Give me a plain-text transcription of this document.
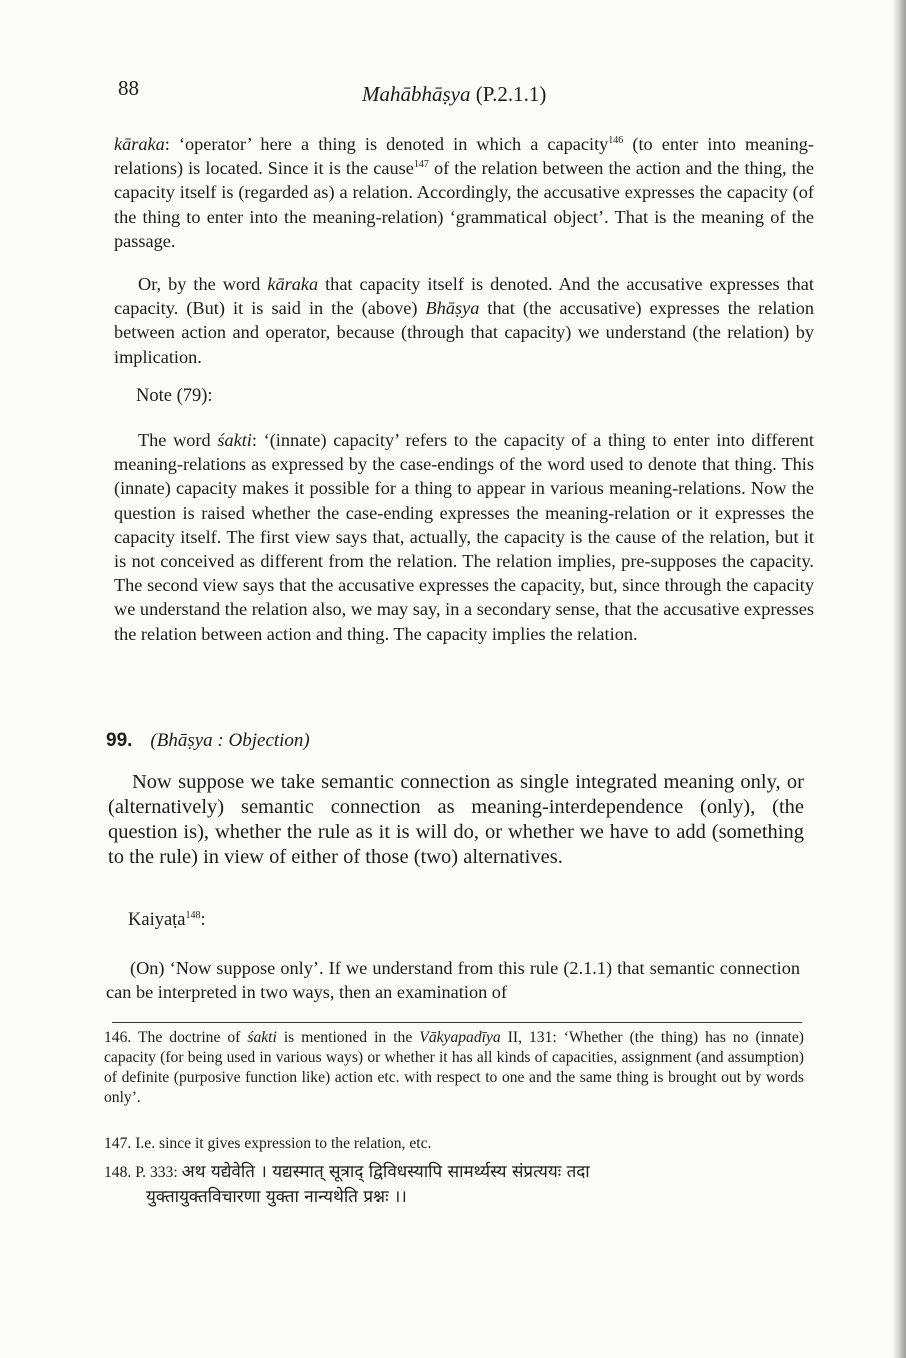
88	Mahābhāṣya (P.2.1.1)

kāraka: ‘operator’ here a thing is denoted in which a capacity$^{146}$ (to enter into meaning-relations) is located. Since it is the cause$^{147}$ of the relation between the action and the thing, the capacity itself is (regarded as) a relation. Accordingly, the accusative expresses the capacity (of the thing to enter into the meaning-relation) ‘grammatical object’. That is the meaning of the passage.

Or, by the word kāraka that capacity itself is denoted. And the accusative expresses that capacity. (But) it is said in the (above) Bhāṣya that (the accusative) expresses the relation between action and operator, because (through that capacity) we understand (the relation) by implication.

Note (79):

The word śakti: ‘(innate) capacity’ refers to the capacity of a thing to enter into different meaning-relations as expressed by the case-endings of the word used to denote that thing. This (innate) capacity makes it possible for a thing to appear in various meaning-relations. Now the question is raised whether the case-ending expresses the meaning-relation or it expresses the capacity itself. The first view says that, actually, the capacity is the cause of the relation, but it is not conceived as different from the relation. The relation implies, pre-supposes the capacity. The second view says that the accusative expresses the capacity, but, since through the capacity we understand the relation also, we may say, in a secondary sense, that the accusative expresses the relation between action and thing. The capacity implies the relation.

99. (Bhāṣya : Objection)

Now suppose we take semantic connection as single integrated meaning only, or (alternatively) semantic connection as meaning-interdependence (only), (the question is), whether the rule as it is will do, or whether we have to add (something to the rule) in view of either of those (two) alternatives.

Kaiyaṭa$^{148}$:

(On) ‘Now suppose only’. If we understand from this rule (2.1.1) that semantic connection can be interpreted in two ways, then an examination of

146. The doctrine of śakti is mentioned in the Vākyapadīya II, 131: ‘Whether (the thing) has no (innate) capacity (for being used in various ways) or whether it has all kinds of capacities, assignment (and assumption) of definite (purposive function like) action etc. with respect to one and the same thing is brought out by words only’.

147. I.e. since it gives expression to the relation, etc.

148. P. 333: अथ यद्येवेति । यद्यस्मात् सूत्राद् द्विविधस्यापि सामर्थ्यस्य संप्रत्ययः तदा
युक्तायुक्तविचारणा युक्ता नान्यथेति प्रश्नः ।।
